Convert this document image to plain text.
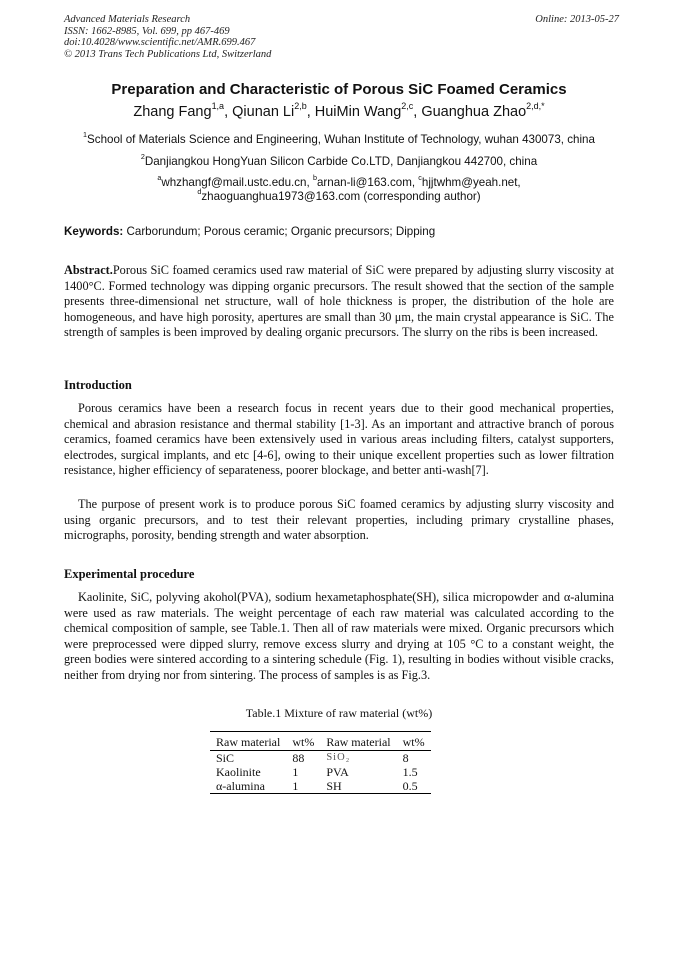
Advanced Materials Research
ISSN: 1662-8985, Vol. 699, pp 467-469
doi:10.4028/www.scientific.net/AMR.699.467
© 2013 Trans Tech Publications Ltd, Switzerland
Online: 2013-05-27
Preparation and Characteristic of Porous SiC Foamed Ceramics
Zhang Fang$^{1,a}$, Qiunan Li$^{2,b}$, HuiMin Wang$^{2,c}$, Guanghua Zhao$^{2,d,*}$
$^1$School of Materials Science and Engineering, Wuhan Institute of Technology, wuhan 430073, china
$^2$Danjiangkou HongYuan Silicon Carbide Co.LTD, Danjiangkou 442700, china
$^a$whzhangf@mail.ustc.edu.cn, $^b$arnan-li@163.com, $^c$hjjtwhm@yeah.net,
$^d$zhaoguanghua1973@163.com (corresponding author)
Keywords: Carborundum; Porous ceramic; Organic precursors; Dipping

Abstract.Porous SiC foamed ceramics used raw material of SiC were prepared by adjusting slurry viscosity at 1400°C. Formed technology was dipping organic precursors. The result showed that the section of the sample presents three-dimensional net structure, wall of hole thickness is proper, the distribution of the hole are homogeneous, and have high porosity, apertures are small than 30 μm, the main crystal appearance is SiC. The strength of samples is been improved by dealing organic precursors. The slurry on the ribs is been increased.

Introduction

Porous ceramics have been a research focus in recent years due to their good mechanical properties, chemical and abrasion resistance and thermal stability [1-3]. As an important and attractive branch of porous ceramics, foamed ceramics have been extensively used in various areas including filters, catalyst supporters, electrodes, surgical implants, and etc [4-6], owing to their unique excellent properties such as lower filtration resistance, higher efficiency of separateness, poorer blockage, and better anti-wash[7].

The purpose of present work is to produce porous SiC foamed ceramics by adjusting slurry viscosity and using organic precursors, and to test their relevant properties, including primary crystalline phases, micrographs, porosity, bending strength and water absorption.

Experimental procedure

Kaolinite, SiC, polyving akohol(PVA), sodium hexametaphosphate(SH), silica micropowder and α-alumina were used as raw materials. The weight percentage of each raw material was calculated according to the chemical composition of sample, see Table.1. Then all of raw materials were mixed. Organic precursors which were preprocessed were dipped slurry, remove excess slurry and drying at 105 °C to a constant weight, the green bodies were sintered according to a sintering schedule (Fig. 1), resulting in bodies without visible cracks, neither from drying nor from sintering. The process of samples is as Fig.3.

Table.1 Mixture of raw material (wt%)
Raw material	wt%	Raw material	wt%
SiC	88	SiO₂	8
Kaolinite	1	PVA	1.5
α-alumina	1	SH	0.5
